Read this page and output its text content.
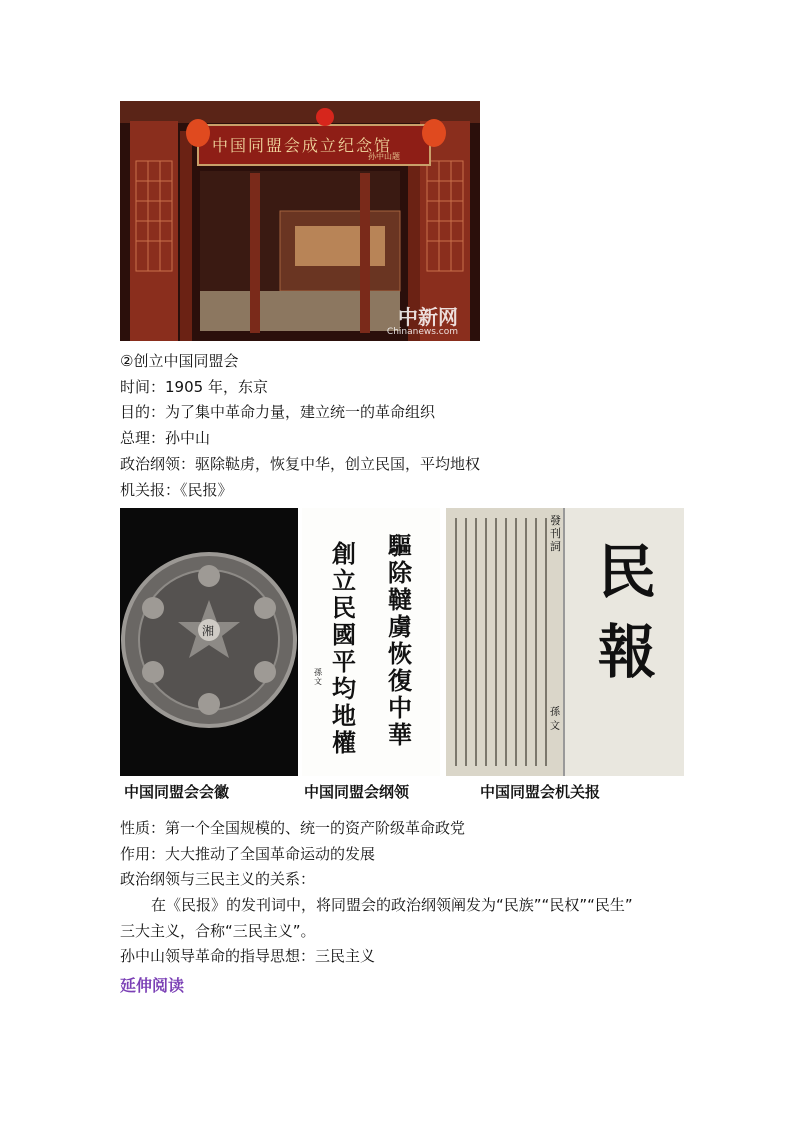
中国同盟会成立纪念馆
孙中山题
中新网
Chinanews.com
②创立中国同盟会
时间：1905 年，东京
目的：为了集中革命力量，建立统一的革命组织
总理：孙中山
政治纲领：驱除鞑虏，恢复中华，创立民国，平均地权
机关报：《民报》
湘
驅除韃虜恢復中華
創立民國平均地權
孫文
發刊詞
孫 文
民報
中国同盟会会徽	中国同盟会纲领	中国同盟会机关报
性质：第一个全国规模的、统一的资产阶级革命政党
作用：大大推动了全国革命运动的发展
政治纲领与三民主义的关系：
在《民报》的发刊词中，将同盟会的政治纲领阐发为“民族”“民权”“民生”
三大主义，合称“三民主义”。
孙中山领导革命的指导思想：三民主义
延伸阅读
